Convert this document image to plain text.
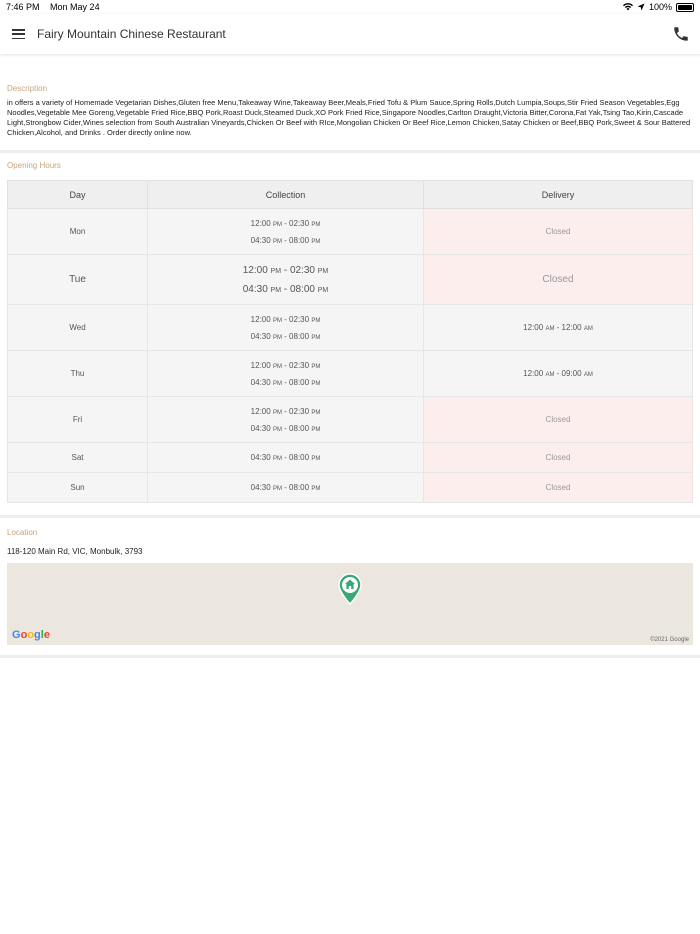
7:46 PM Mon May 24	100%
Fairy Mountain Chinese Restaurant
Description
in offers a variety of Homemade Vegetarian Dishes,Gluten free Menu,Takeaway Wine,Takeaway Beer,Meals,Fried Tofu & Plum Sauce,Spring Rolls,Dutch Lumpia,Soups,Stir Fried Season Vegetables,Egg Noodles,Vegetable Mee Goreng,Vegetable Fried Rice,BBQ Pork,Roast Duck,Steamed Duck,XO Pork Fried Rice,Singapore Noodles,Carlton Draught,Victoria Bitter,Corona,Fat Yak,Tsing Tao,Kirin,Cascade Light,Strongbow Cider,Wines selection from South Australian Vineyards,Chicken Or Beef with RIce,Mongolian Chicken Or Beef Rice,Lemon Chicken,Satay Chicken or Beef,BBQ Pork,Sweet & Sour Battered Chicken,Alcohol, and Drinks . Order directly online now.
Opening Hours
Day	Collection	Delivery
Mon	12:00 PM - 02:30 PM
04:30 PM - 08:00 PM	Closed
Tue	12:00 PM - 02:30 PM
04:30 PM - 08:00 PM	Closed
Wed	12:00 PM - 02:30 PM
04:30 PM - 08:00 PM	12:00 AM - 12:00 AM

Thu	12:00 PM - 02:30 PM
04:30 PM - 08:00 PM	12:00 AM - 09:00 AM

Fri	12:00 PM - 02:30 PM
04:30 PM - 08:00 PM	Closed
Sat	04:30 PM - 08:00 PM	Closed
Sun	04:30 PM - 08:00 PM	Closed
Location
118-120 Main Rd, VIC, Monbulk, 3793
Google	©2021 Google
